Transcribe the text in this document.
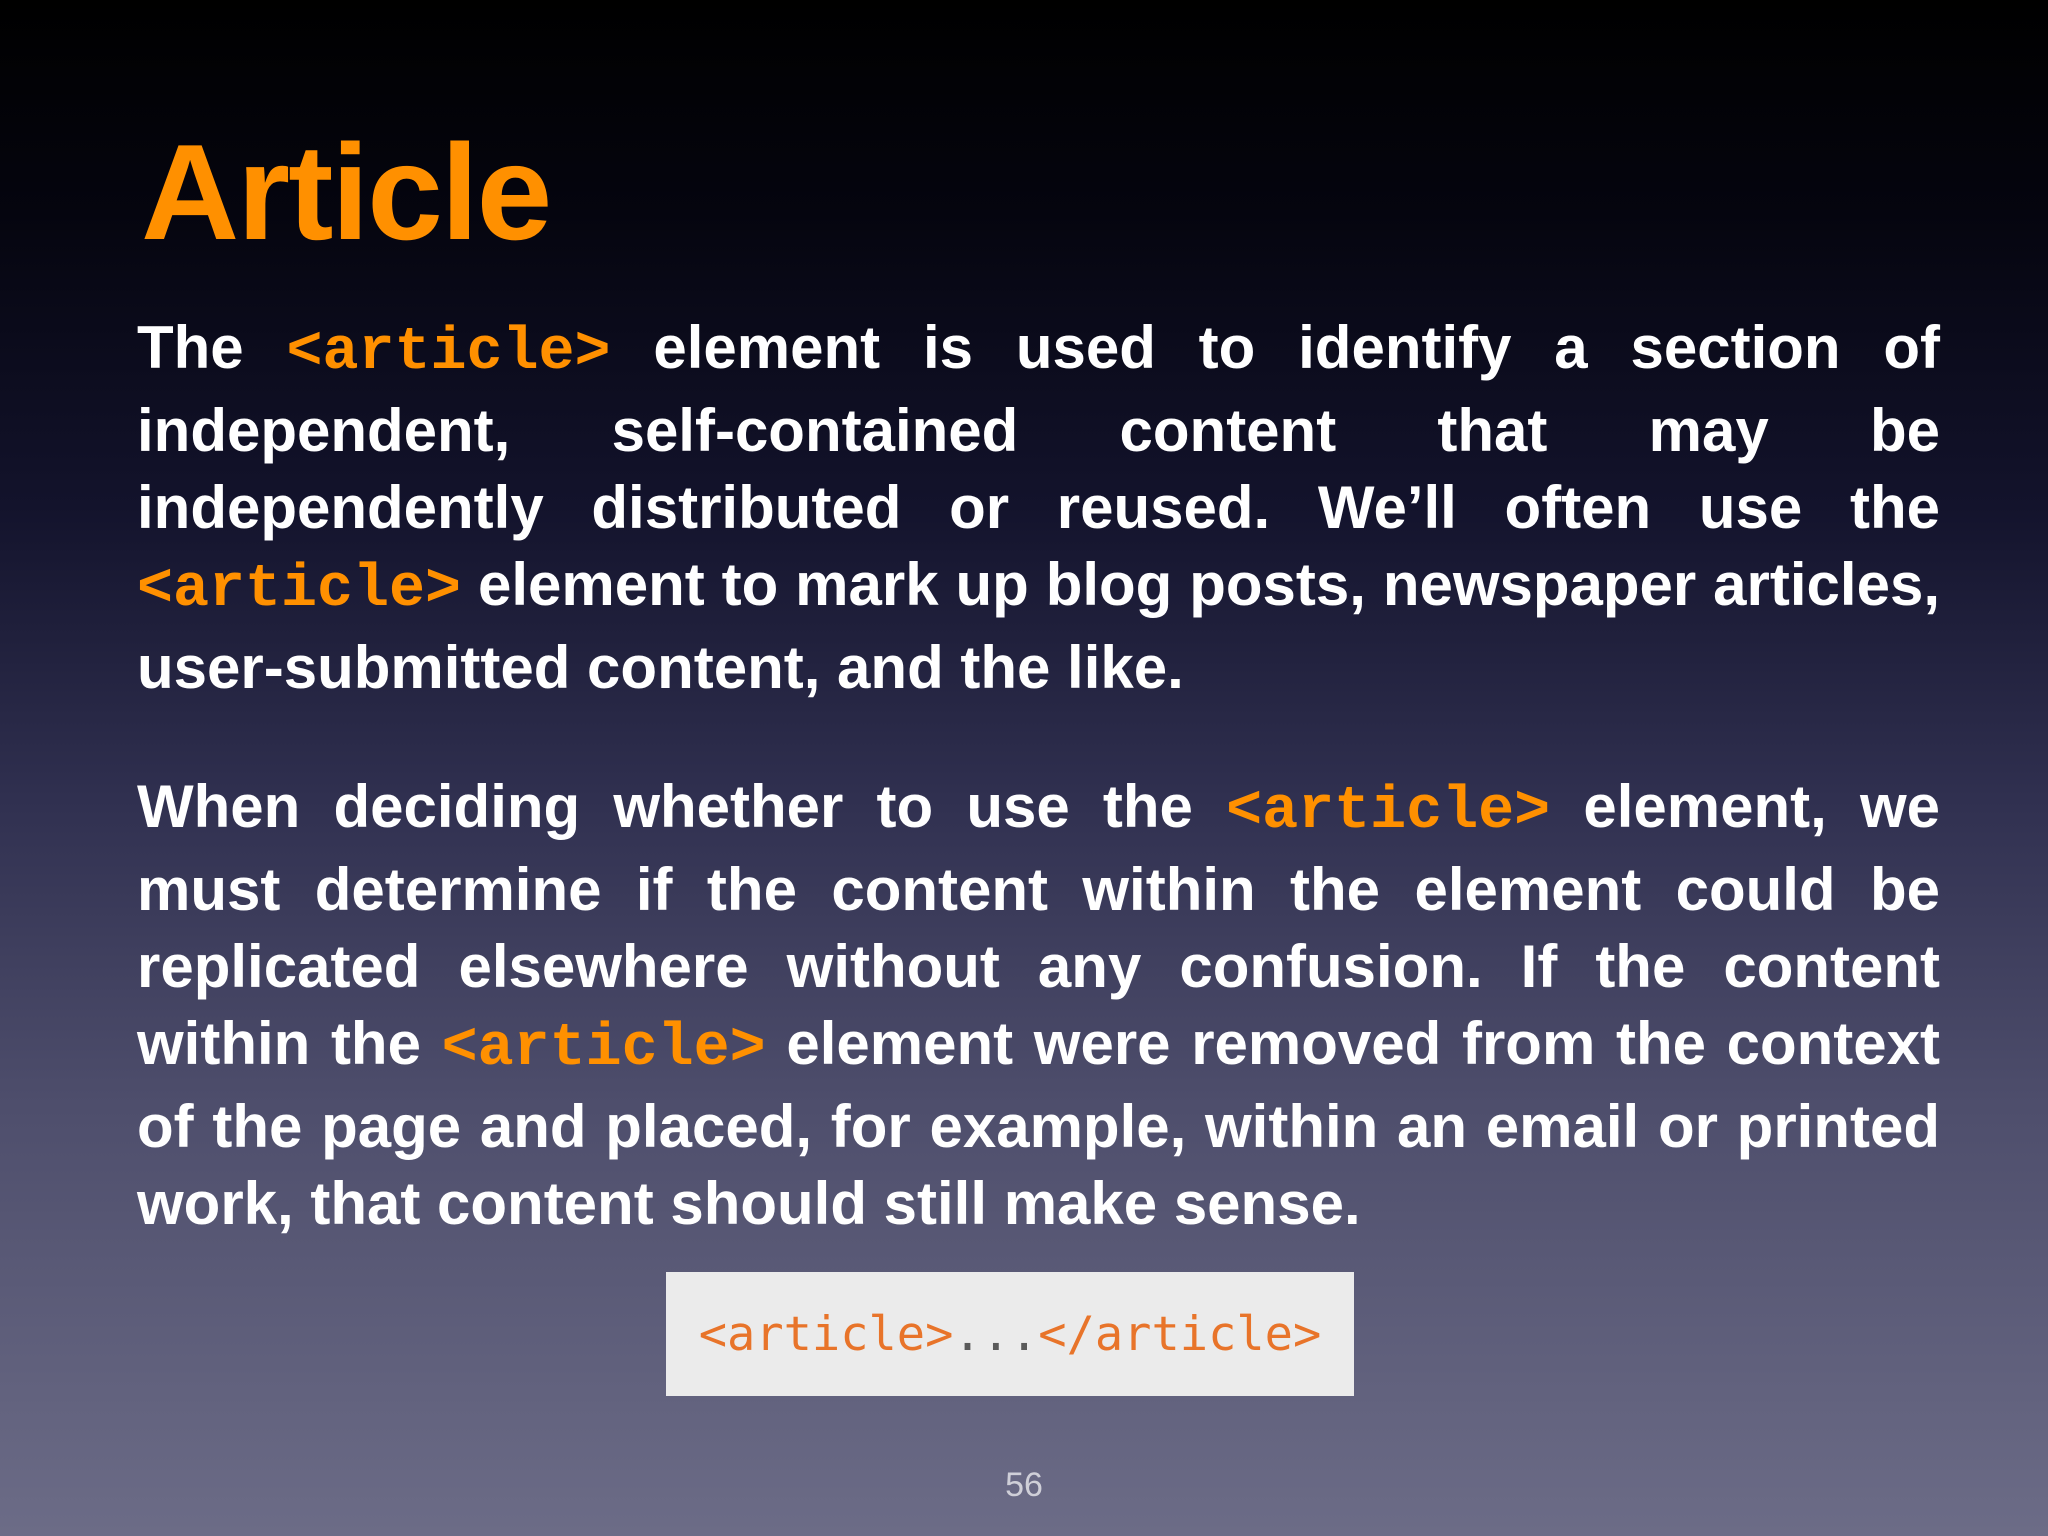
Article

The <article> element is used to identify a section of independent, self-contained content that may be independently distributed or reused. We’ll often use the <article> element to mark up blog posts, newspaper articles, user-submitted content, and the like.

When deciding whether to use the <article> element, we must determine if the content within the element could be replicated elsewhere without any confusion. If the content within the <article> element were removed from the context of the page and placed, for example, within an email or printed work, that content should still make sense.

<article> ... </article>
56
